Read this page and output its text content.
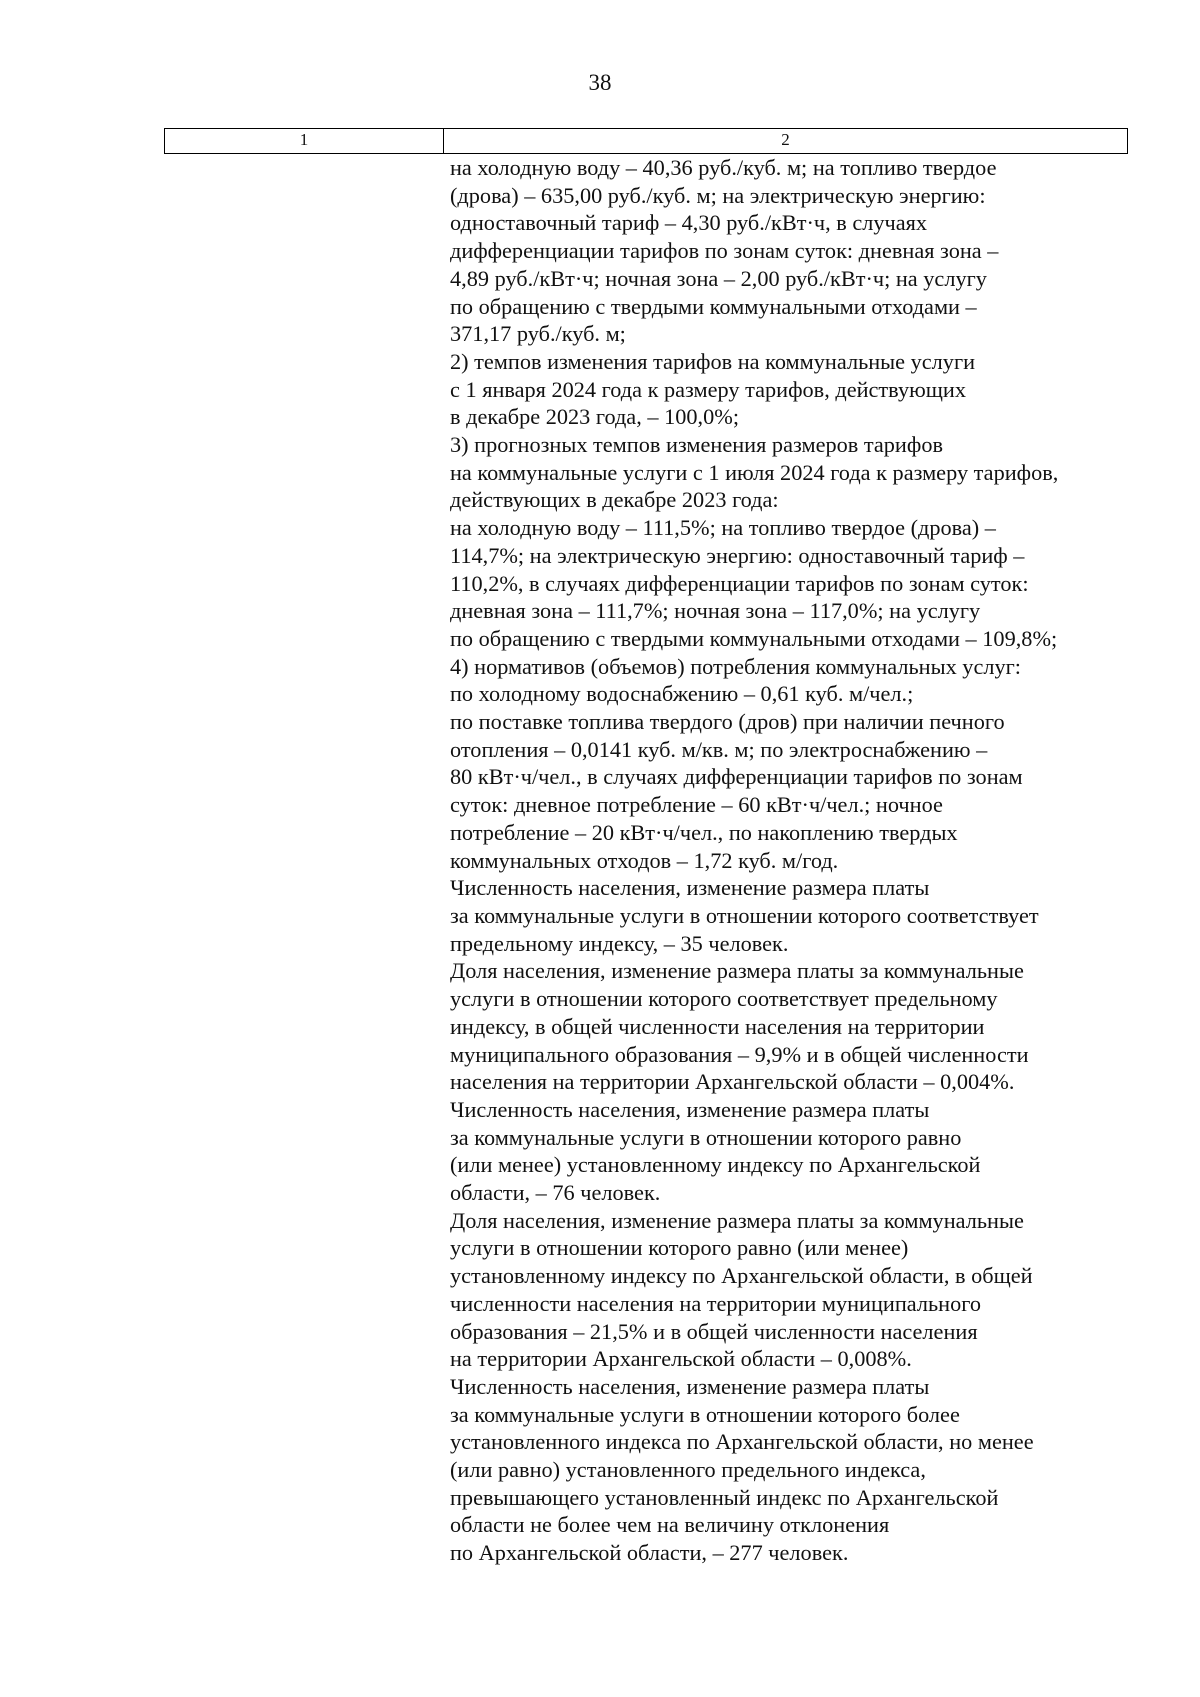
38
1	2
на холодную воду – 40,36 руб./куб. м; на топливо твердое
(дрова) – 635,00 руб./куб. м; на электрическую энергию:
одноставочный тариф – 4,30 руб./кВт·ч, в случаях
дифференциации тарифов по зонам суток: дневная зона –
4,89 руб./кВт·ч; ночная зона – 2,00 руб./кВт·ч; на услугу
по обращению с твердыми коммунальными отходами –
371,17 руб./куб. м;
2) темпов изменения тарифов на коммунальные услуги
с 1 января 2024 года к размеру тарифов, действующих
в декабре 2023 года, – 100,0%;
3) прогнозных темпов изменения размеров тарифов
на коммунальные услуги с 1 июля 2024 года к размеру тарифов,
действующих в декабре 2023 года:
на холодную воду – 111,5%; на топливо твердое (дрова) –
114,7%; на электрическую энергию: одноставочный тариф –
110,2%, в случаях дифференциации тарифов по зонам суток:
дневная зона – 111,7%; ночная зона – 117,0%; на услугу
по обращению с твердыми коммунальными отходами – 109,8%;
4) нормативов (объемов) потребления коммунальных услуг:
по холодному водоснабжению – 0,61 куб. м/чел.;
по поставке топлива твердого (дров) при наличии печного
отопления – 0,0141 куб. м/кв. м; по электроснабжению –
80 кВт·ч/чел., в случаях дифференциации тарифов по зонам
суток: дневное потребление – 60 кВт·ч/чел.; ночное
потребление – 20 кВт·ч/чел., по накоплению твердых
коммунальных отходов – 1,72 куб. м/год.
Численность населения, изменение размера платы
за коммунальные услуги в отношении которого соответствует
предельному индексу, – 35 человек.
Доля населения, изменение размера платы за коммунальные
услуги в отношении которого соответствует предельному
индексу, в общей численности населения на территории
муниципального образования – 9,9% и в общей численности
населения на территории Архангельской области – 0,004%.
Численность населения, изменение размера платы
за коммунальные услуги в отношении которого равно
(или менее) установленному индексу по Архангельской
области, – 76 человек.
Доля населения, изменение размера платы за коммунальные
услуги в отношении которого равно (или менее)
установленному индексу по Архангельской области, в общей
численности населения на территории муниципального
образования – 21,5% и в общей численности населения
на территории Архангельской области – 0,008%.
Численность населения, изменение размера платы
за коммунальные услуги в отношении которого более
установленного индекса по Архангельской области, но менее
(или равно) установленного предельного индекса,
превышающего установленный индекс по Архангельской
области не более чем на величину отклонения
по Архангельской области, – 277 человек.
